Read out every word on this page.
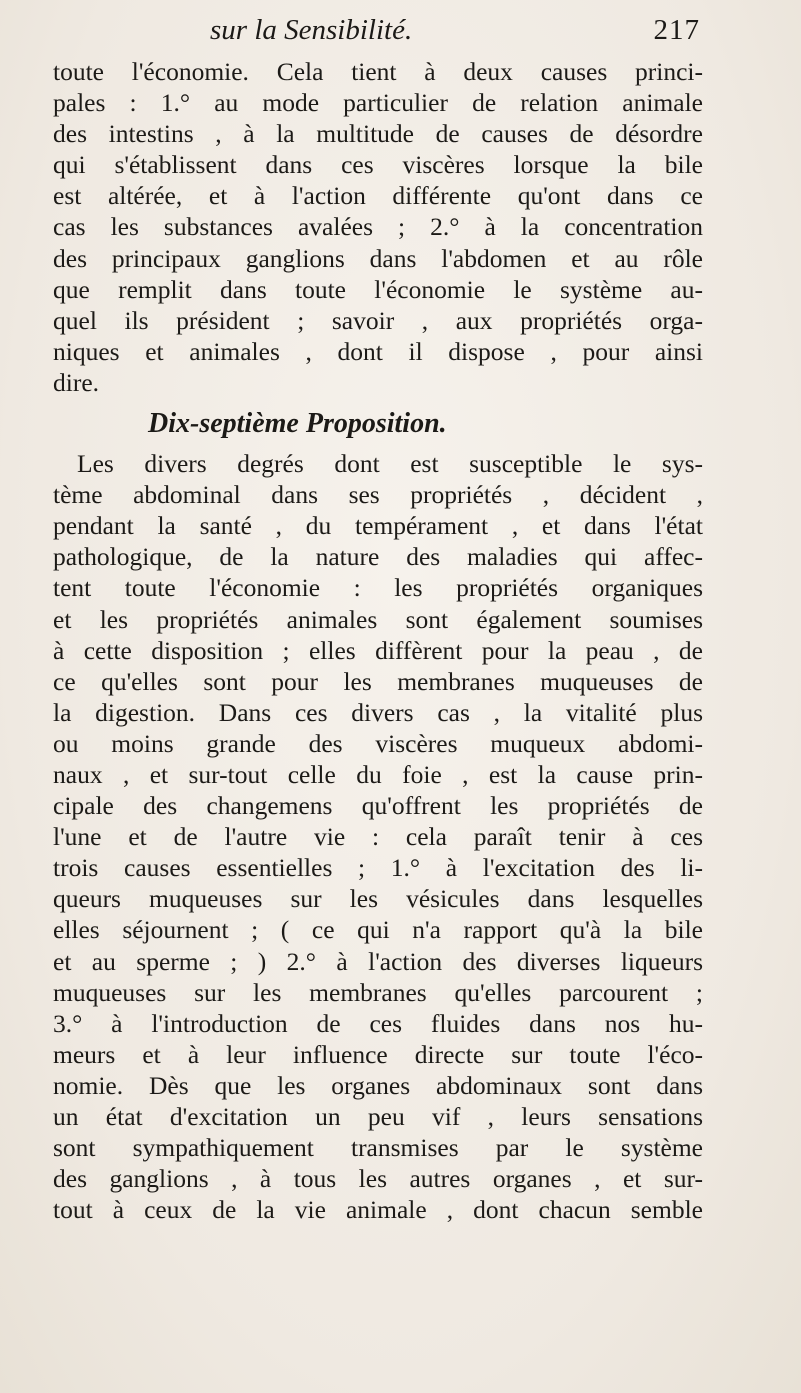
sur la Sensibilité.	217
toute l'économie. Cela tient à deux causes princi-
pales : 1.° au mode particulier de relation animale
des intestins , à la multitude de causes de désordre
qui s'établissent dans ces viscères lorsque la bile
est altérée, et à l'action différente qu'ont dans ce
cas les substances avalées ; 2.° à la concentration
des principaux ganglions dans l'abdomen et au rôle
que remplit dans toute l'économie le système au-
quel ils président ; savoir , aux propriétés orga-
niques et animales , dont il dispose , pour ainsi
dire.
Dix-septième Proposition.
Les divers degrés dont est susceptible le sys-
tème abdominal dans ses propriétés , décident ,
pendant la santé , du tempérament , et dans l'état
pathologique, de la nature des maladies qui affec-
tent toute l'économie : les propriétés organiques
et les propriétés animales sont également soumises
à cette disposition ; elles diffèrent pour la peau , de
ce qu'elles sont pour les membranes muqueuses de
la digestion. Dans ces divers cas , la vitalité plus
ou moins grande des viscères muqueux abdomi-
naux , et sur-tout celle du foie , est la cause prin-
cipale des changemens qu'offrent les propriétés de
l'une et de l'autre vie : cela paraît tenir à ces
trois causes essentielles ; 1.° à l'excitation des li-
queurs muqueuses sur les vésicules dans lesquelles
elles séjournent ; ( ce qui n'a rapport qu'à la bile
et au sperme ; ) 2.° à l'action des diverses liqueurs
muqueuses sur les membranes qu'elles parcourent ;
3.° à l'introduction de ces fluides dans nos hu-
meurs et à leur influence directe sur toute l'éco-
nomie. Dès que les organes abdominaux sont dans
un état d'excitation un peu vif , leurs sensations
sont sympathiquement transmises par le système
des ganglions , à tous les autres organes , et sur-
tout à ceux de la vie animale , dont chacun semble
